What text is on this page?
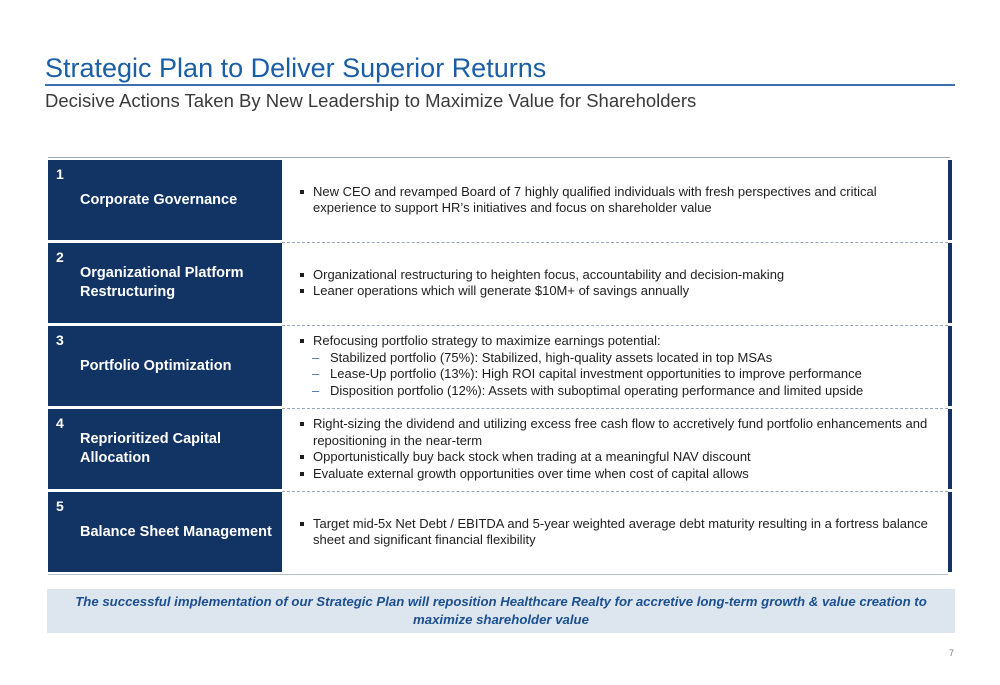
Strategic Plan to Deliver Superior Returns
Decisive Actions Taken By New Leadership to Maximize Value for Shareholders
1
Corporate Governance
New CEO and revamped Board of 7 highly qualified individuals with fresh perspectives and critical experience to support HR’s initiatives and focus on shareholder value
2
Organizational Platform Restructuring
Organizational restructuring to heighten focus, accountability and decision-making
Leaner operations which will generate $10M+ of savings annually
3
Portfolio Optimization
Refocusing portfolio strategy to maximize earnings potential:
– Stabilized portfolio (75%): Stabilized, high-quality assets located in top MSAs
– Lease-Up portfolio (13%): High ROI capital investment opportunities to improve performance
– Disposition portfolio (12%): Assets with suboptimal operating performance and limited upside
4
Reprioritized Capital Allocation
Right-sizing the dividend and utilizing excess free cash flow to accretively fund portfolio enhancements and repositioning in the near-term
Opportunistically buy back stock when trading at a meaningful NAV discount
Evaluate external growth opportunities over time when cost of capital allows
5
Balance Sheet Management
Target mid-5x Net Debt / EBITDA and 5-year weighted average debt maturity resulting in a fortress balance sheet and significant financial flexibility
The successful implementation of our Strategic Plan will reposition Healthcare Realty for accretive long-term growth & value creation to maximize shareholder value
7
